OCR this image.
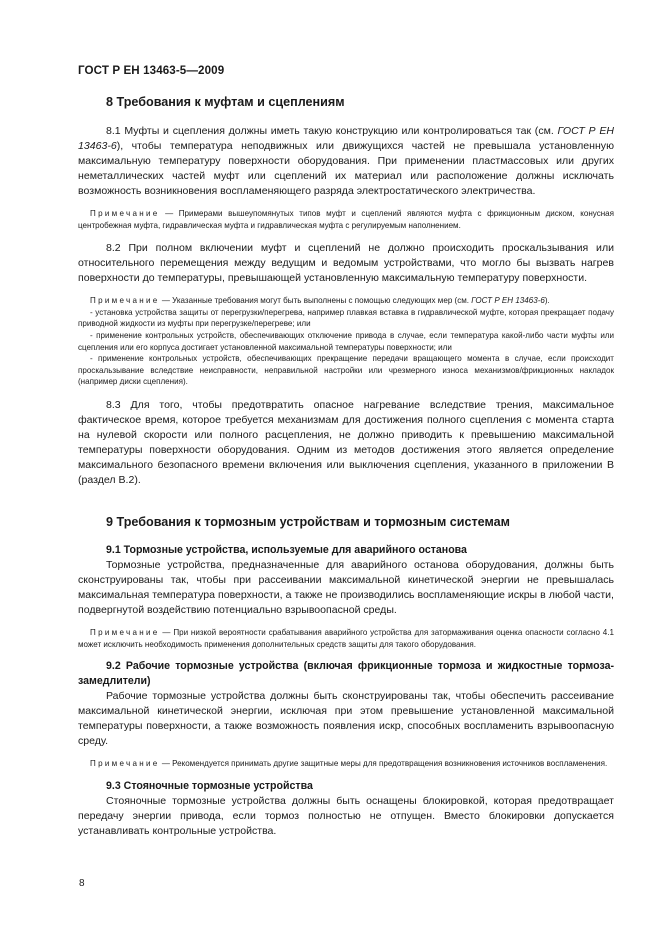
ГОСТ Р ЕН 13463-5—2009
8 Требования к муфтам и сцеплениям

8.1 Муфты и сцепления должны иметь такую конструкцию или контролироваться так (см. ГОСТ Р ЕН 13463-6), чтобы температура неподвижных или движущихся частей не превышала установленную максимальную температуру поверхности оборудования. При применении пластмассовых или других неметаллических частей муфт или сцеплений их материал или расположение должны исключать возможность возникновения воспламеняющего разряда электростатического электричества.

Примечание — Примерами вышеупомянутых типов муфт и сцеплений являются муфта с фрикционным диском, конусная центробежная муфта, гидравлическая муфта и гидравлическая муфта с регулируемым наполнением.

8.2 При полном включении муфт и сцеплений не должно происходить проскальзывания или относительного перемещения между ведущим и ведомым устройствами, что могло бы вызвать нагрев поверхности до температуры, превышающей установленную максимальную температуру поверхности.

Примечание — Указанные требования могут быть выполнены с помощью следующих мер (см. ГОСТ Р ЕН 13463-6).

- установка устройства защиты от перегрузки/перегрева, например плавкая вставка в гидравлической муфте, которая прекращает подачу приводной жидкости из муфты при перегрузке/перегреве; или

- применение контрольных устройств, обеспечивающих отключение привода в случае, если температура какой-либо части муфты или сцепления или его корпуса достигает установленной максимальной температуры поверхности; или

- применение контрольных устройств, обеспечивающих прекращение передачи вращающего момента в случае, если происходит проскальзывание вследствие неисправности, неправильной настройки или чрезмерного износа механизмов/фрикционных накладок (например диски сцепления).

8.3 Для того, чтобы предотвратить опасное нагревание вследствие трения, максимальное фактическое время, которое требуется механизмам для достижения полного сцепления с момента старта на нулевой скорости или полного расцепления, не должно приводить к превышению максимальной температуры поверхности оборудования. Одним из методов достижения этого является определение максимального безопасного времени включения или выключения сцепления, указанного в приложении В (раздел В.2).

9 Требования к тормозным устройствам и тормозным системам

9.1 Тормозные устройства, используемые для аварийного останова

Тормозные устройства, предназначенные для аварийного останова оборудования, должны быть сконструированы так, чтобы при рассеивании максимальной кинетической энергии не превышалась максимальная температура поверхности, а также не производились воспламеняющие искры в любой части, подвергнутой воздействию потенциально взрывоопасной среды.

Примечание — При низкой вероятности срабатывания аварийного устройства для затормаживания оценка опасности согласно 4.1 может исключить необходимость применения дополнительных средств защиты для такого оборудования.

9.2 Рабочие тормозные устройства (включая фрикционные тормоза и жидкостные тормоза-замедлители)

Рабочие тормозные устройства должны быть сконструированы так, чтобы обеспечить рассеивание максимальной кинетической энергии, исключая при этом превышение установленной максимальной температуры поверхности, а также возможность появления искр, способных воспламенить взрывоопасную среду.

Примечание — Рекомендуется принимать другие защитные меры для предотвращения возникновения источников воспламенения.

9.3 Стояночные тормозные устройства

Стояночные тормозные устройства должны быть оснащены блокировкой, которая предотвращает передачу энергии привода, если тормоз полностью не отпущен. Вместо блокировки допускается устанавливать контрольные устройства.

8
